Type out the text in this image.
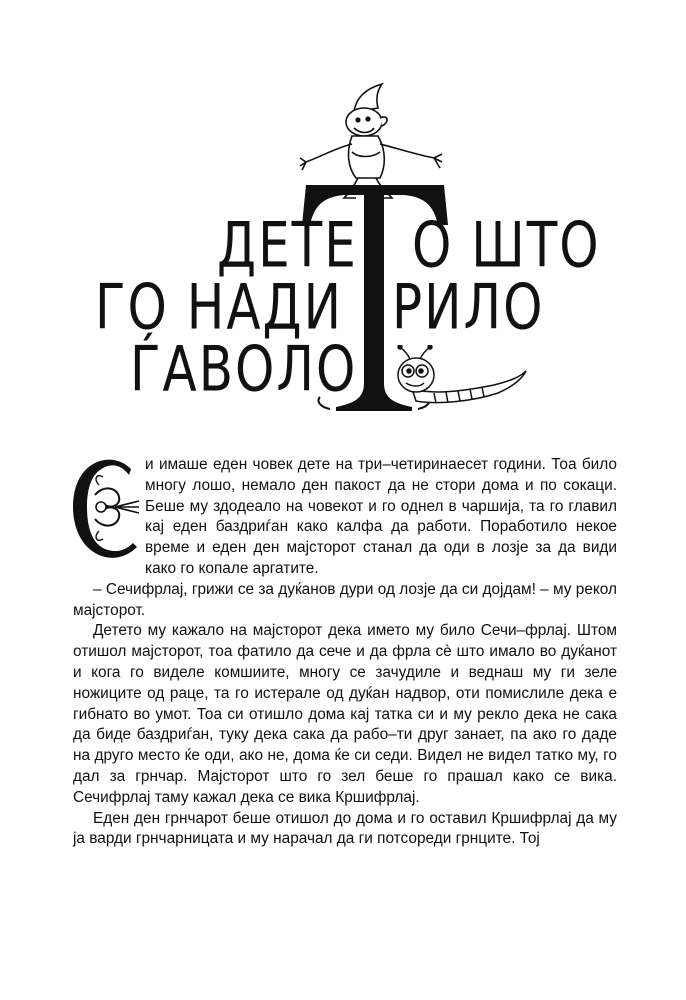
ДЕТЕ О ШТО
ГО НАДИ РИЛО
ЃАВОЛО

и имаше еден човек дете на три–четиринаесет години. Тоа било многу лошо, немало ден пакост да не стори дома и по сокаци. Беше му здодеало на човекот и го однел в чаршија, та го главил кај еден баздриѓан како калфа да работи. Поработило некое време и еден ден мајсторот станал да оди в лозје за да види како го копале аргатите.

– Сечифрлај, грижи се за дуќанов дури од лозје да си дојдам! – му рекол мајсторот.

Детето му кажало на мајсторот дека името му било Сечи–фрлај. Штом отишол мајсторот, тоа фатило да сече и да фрла сè што имало во дуќанот и кога го виделе комшиите, многу се зачудиле и веднаш му ги зеле ножиците од раце, та го истерале од дуќан надвор, оти помислиле дека е гибнато во умот. Тоа си отишло дома кај татка си и му рекло дека не сака да биде баздриѓан, туку дека сака да рабо–ти друг занает, па ако го даде на друго место ќе оди, ако не, дома ќе си седи. Видел не видел татко му, го дал за грнчар. Мајсторот што го зел беше го прашал како се вика. Сечифрлај таму кажал дека се вика Кршифрлај.

Еден ден грнчарот беше отишол до дома и го оставил Кршифрлај да му ја варди грнчарницата и му нарачал да ги потсореди грнците. Тој
